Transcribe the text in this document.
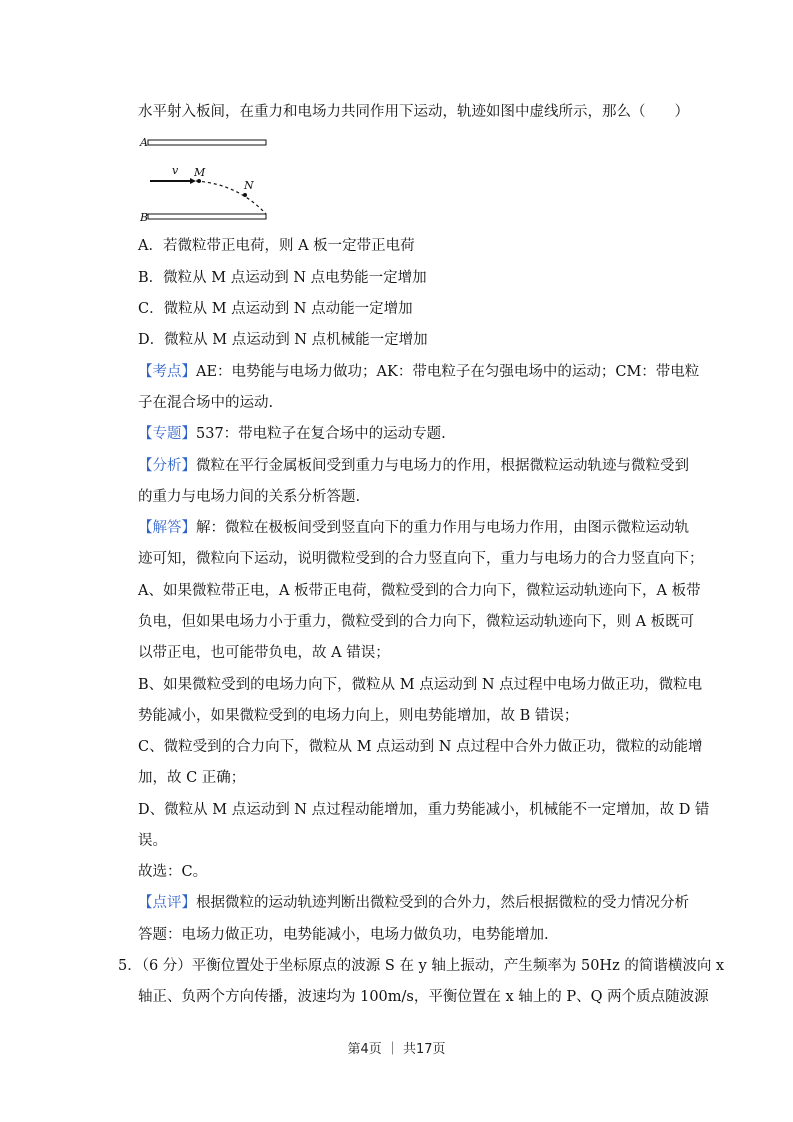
水平射入板间，在重力和电场力共同作用下运动，轨迹如图中虚线所示，那么（　　）
A
v M
N
B
A．若微粒带正电荷，则 A 板一定带正电荷
B．微粒从 M 点运动到 N 点电势能一定增加
C．微粒从 M 点运动到 N 点动能一定增加
D．微粒从 M 点运动到 N 点机械能一定增加
【考点】AE：电势能与电场力做功；AK：带电粒子在匀强电场中的运动；CM：带电粒
子在混合场中的运动.
【专题】537：带电粒子在复合场中的运动专题.
【分析】微粒在平行金属板间受到重力与电场力的作用，根据微粒运动轨迹与微粒受到
的重力与电场力间的关系分析答题.
【解答】解：微粒在极板间受到竖直向下的重力作用与电场力作用，由图示微粒运动轨
迹可知，微粒向下运动，说明微粒受到的合力竖直向下，重力与电场力的合力竖直向下；
A、如果微粒带正电，A 板带正电荷，微粒受到的合力向下，微粒运动轨迹向下，A 板带
负电，但如果电场力小于重力，微粒受到的合力向下，微粒运动轨迹向下，则 A 板既可
以带正电，也可能带负电，故 A 错误；
B、如果微粒受到的电场力向下，微粒从 M 点运动到 N 点过程中电场力做正功，微粒电
势能减小，如果微粒受到的电场力向上，则电势能增加，故 B 错误；
C、微粒受到的合力向下，微粒从 M 点运动到 N 点过程中合外力做正功，微粒的动能增
加，故 C 正确；
D、微粒从 M 点运动到 N 点过程动能增加，重力势能减小，机械能不一定增加，故 D 错
误。
故选：C。
【点评】根据微粒的运动轨迹判断出微粒受到的合外力，然后根据微粒的受力情况分析
答题：电场力做正功，电势能减小，电场力做负功，电势能增加.
5．（6 分）平衡位置处于坐标原点的波源 S 在 y 轴上振动，产生频率为 50Hz 的简谐横波向 x
轴正、负两个方向传播，波速均为 100m/s，平衡位置在 x 轴上的 P、Q 两个质点随波源
第4页 ｜ 共17页
